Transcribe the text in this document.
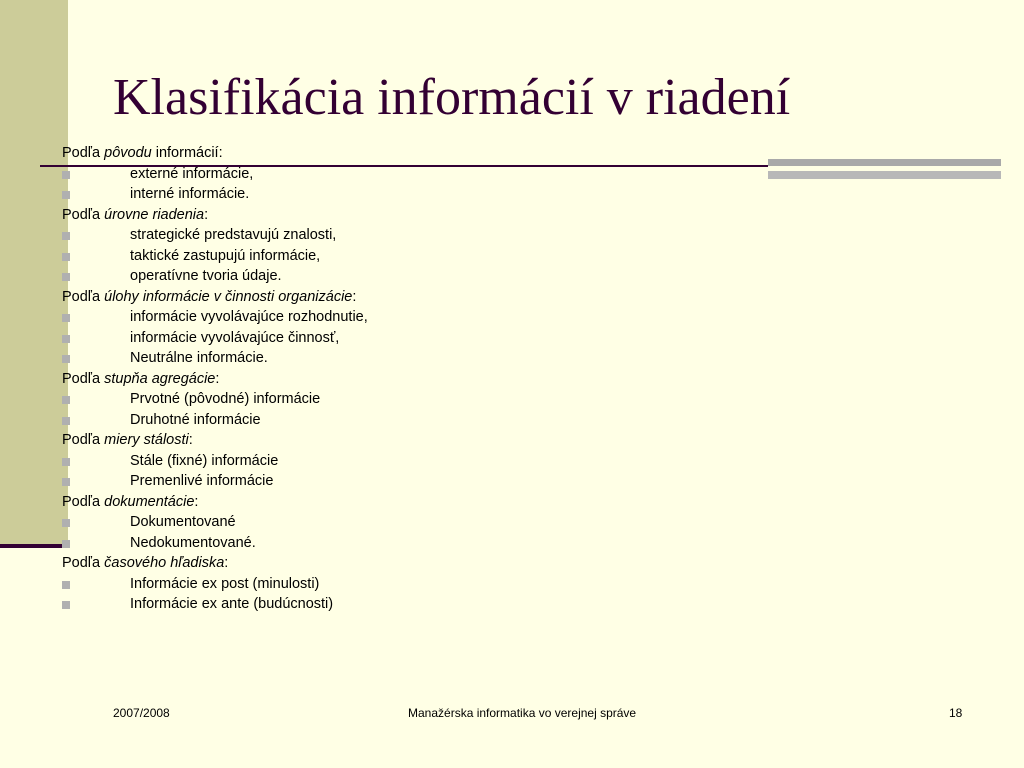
Klasifikácia informácií v riadení
Podľa pôvodu informácií:
externé informácie,
interné informácie.
Podľa úrovne riadenia:
strategické predstavujú znalosti,
taktické zastupujú informácie,
operatívne tvoria údaje.
Podľa úlohy informácie v činnosti organizácie:
informácie vyvolávajúce rozhodnutie,
informácie vyvolávajúce činnosť,
Neutrálne informácie.
Podľa stupňa agregácie:
Prvotné (pôvodné) informácie
Druhotné informácie
Podľa miery stálosti:
Stále (fixné) informácie
Premenlivé informácie
Podľa dokumentácie:
Dokumentované
Nedokumentované.
Podľa časového hľadiska:
Informácie ex post (minulosti)
Informácie ex ante (budúcnosti)
2007/2008	Manažérska informatika vo verejnej správe	18
